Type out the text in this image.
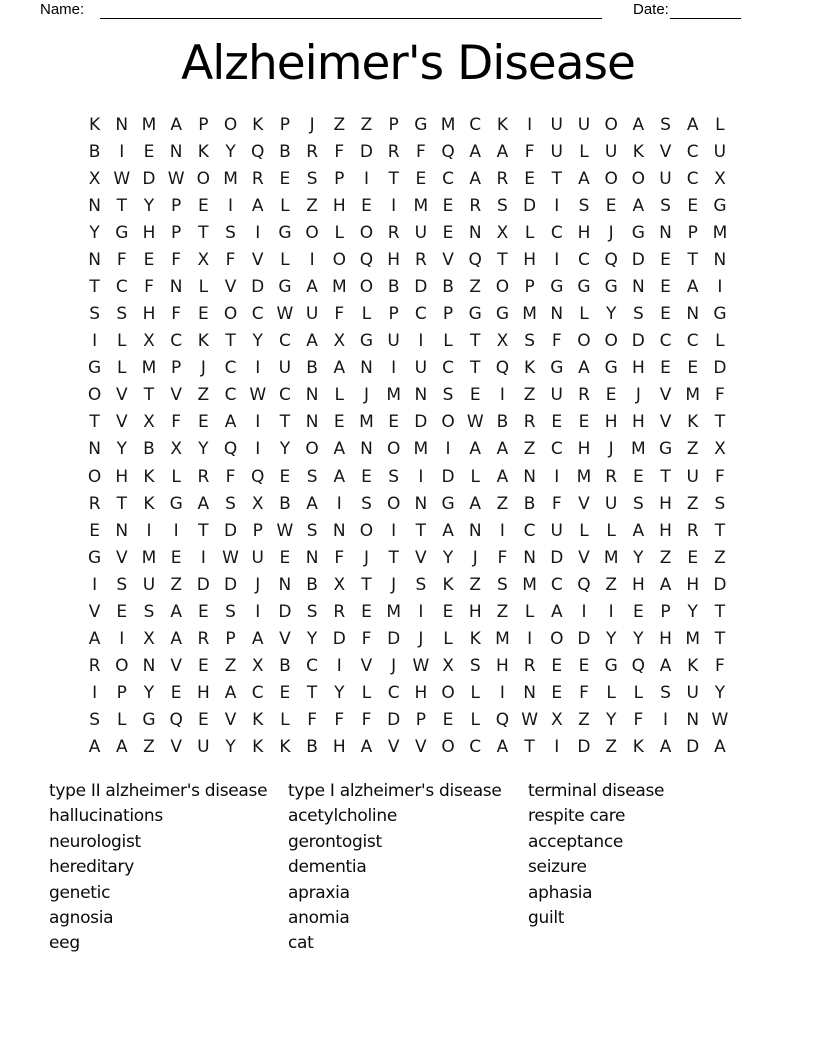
Name:	Date:
Alzheimer's Disease
K N M A P O K P	J	Z Z P G M C K	I	U U O A S A L
B	I	E N K Y Q B R F D R F Q A A F U L U K V C U
X W D W O M R E S P	I	T E C A R E T A O O U C X
N T Y P E	I	A L Z H E	I	M E R S D	I	S E A S E G
Y G H P T S	I	G O L O R U E N X L C H	J	G N P M
N F E F X F V L	I	O Q H R V Q T H	I	C Q D E T N
T C F N L V D G A M O B D B Z O P G G G N E A	I
S S H F E O C W U F	L	P C P G G M N L	Y S E N G
I	L X C K T Y C A X G U	I	L	T X S F O O D C C L
G L M P	J	C	I	U B A N	I	U C T Q K G A G H E E D
O V T V Z C W C N L	J	M N S E	I	Z U R E	J	V M F
T V X F E A	I	T N E M E D O W B R E E H H V K T
N Y B X Y Q	I	Y O A N O M	I	A A Z C H	J	M G Z X
O H K L R F Q E S A E S	I	D L A N	I	M R E T U F
R T K G A S X B A	I	S O N G A Z B F V U S H Z S
E N	I	I	T D P W S N O	I	T A N	I	C U L	L A H R T
G V M E	I W U E N F	J	T V Y	J	F N D V M Y Z E Z
I	S U Z D D	J	N B X T	J	S K Z S M C Q Z H A H D
V E S A E S	I	D S R E M	I	E H Z L A	I	I	E P Y T
A	I	X A R P A V Y D F D	J	L K M	I	O D Y Y H M T
R O N V E Z X B C	I	V	J W X S H R E E G Q A K F
I	P Y E H A C E T Y	L C H O L	I	N E F	L	L	S U Y
S	L G Q E V K L	F	F	F D P E	L Q W X Z Y	F	I	N W
A A Z V U Y K K B H A V V O C A T	I	D Z K A D A
type II alzheimer's disease
hallucinations
neurologist
hereditary
genetic
agnosia
eeg
type I alzheimer's disease
acetylcholine
gerontogist
dementia
apraxia
anomia
cat
terminal disease
respite care
acceptance
seizure
aphasia
guilt
